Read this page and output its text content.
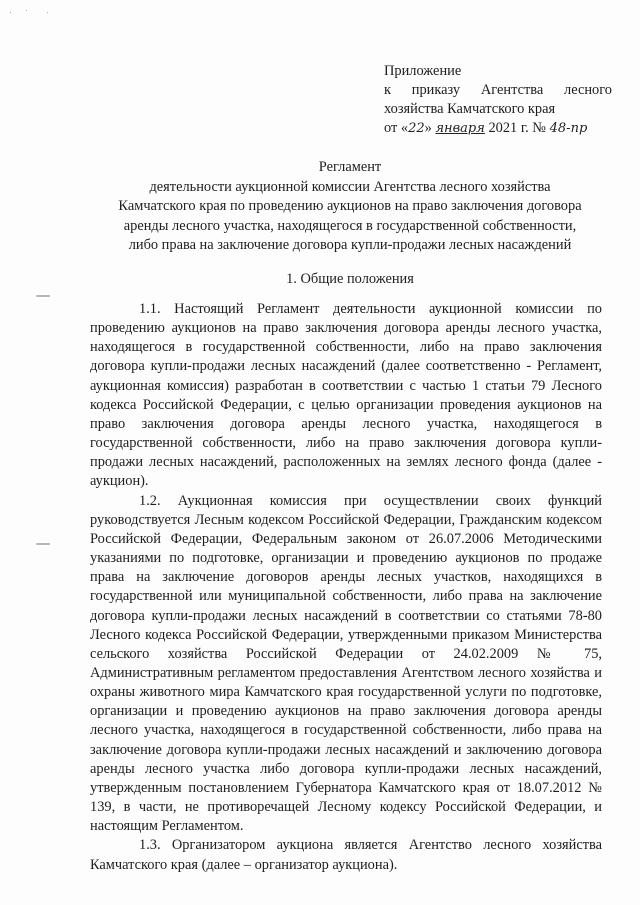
Приложение
к приказу Агентства лесного
хозяйства Камчатского края
от «22» января 2021 г. № 48-пр
Регламент
деятельности аукционной комиссии Агентства лесного хозяйства
Камчатского края по проведению аукционов на право заключения договора
аренды лесного участка, находящегося в государственной собственности,
либо права на заключение договора купли-продажи лесных насаждений
1. Общие положения

1.1. Настоящий Регламент деятельности аукционной комиссии по проведению аукционов на право заключения договора аренды лесного участка, находящегося в государственной собственности, либо на право заключения договора купли-продажи лесных насаждений (далее соответственно - Регламент, аукционная комиссия) разработан в соответствии с частью 1 статьи 79 Лесного кодекса Российской Федерации, с целью организации проведения аукционов на право заключения договора аренды лесного участка, находящегося в государственной собственности, либо на право заключения договора купли-продажи лесных насаждений, расположенных на землях лесного фонда (далее - аукцион).

1.2. Аукционная комиссия при осуществлении своих функций руководствуется Лесным кодексом Российской Федерации, Гражданским кодексом Российской Федерации, Федеральным законом от 26.07.2006 Методическими указаниями по подготовке, организации и проведению аукционов по продаже права на заключение договоров аренды лесных участков, находящихся в государственной или муниципальной собственности, либо права на заключение договора купли-продажи лесных насаждений в соответствии со статьями 78-80 Лесного кодекса Российской Федерации, утвержденными приказом Министерства сельского хозяйства Российской Федерации от 24.02.2009 № 75, Административным регламентом предоставления Агентством лесного хозяйства и охраны животного мира Камчатского края государственной услуги по подготовке, организации и проведению аукционов на право заключения договора аренды лесного участка, находящегося в государственной собственности, либо права на заключение договора купли-продажи лесных насаждений и заключению договора аренды лесного участка либо договора купли-продажи лесных насаждений, утвержденным постановлением Губернатора Камчатского края от 18.07.2012 № 139, в части, не противоречащей Лесному кодексу Российской Федерации, и настоящим Регламентом.

1.3. Организатором аукциона является Агентство лесного хозяйства Камчатского края (далее – организатор аукциона).
